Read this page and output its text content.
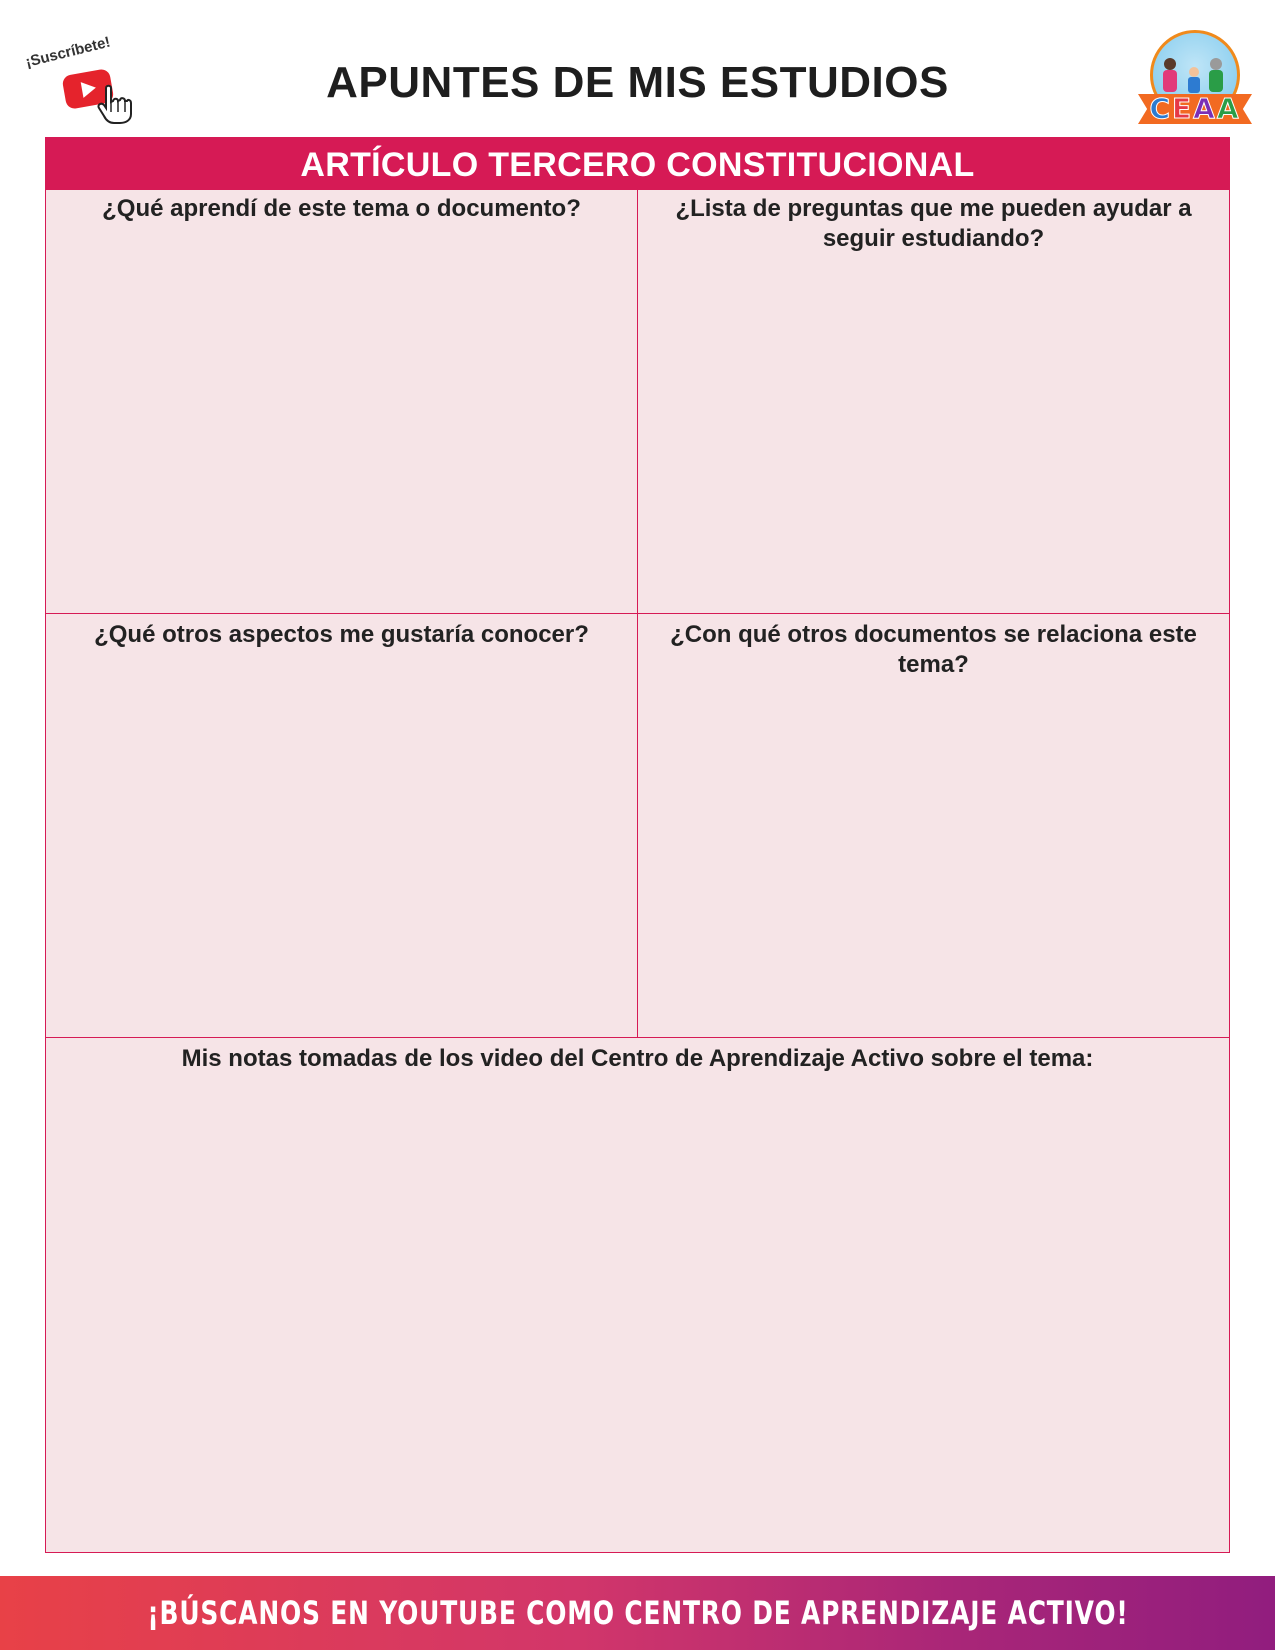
¡Suscríbete!
APUNTES DE MIS ESTUDIOS
CEAA
ARTÍCULO TERCERO CONSTITUCIONAL

¿Qué aprendí de este tema o documento?	¿Lista de preguntas que me pueden ayudar a seguir estudiando?

¿Qué otros aspectos me gustaría conocer?	¿Con qué otros documentos se relaciona este tema?

Mis notas tomadas de los video del Centro de Aprendizaje Activo sobre el tema:

¡BÚSCANOS EN YOUTUBE COMO CENTRO DE APRENDIZAJE ACTIVO!
